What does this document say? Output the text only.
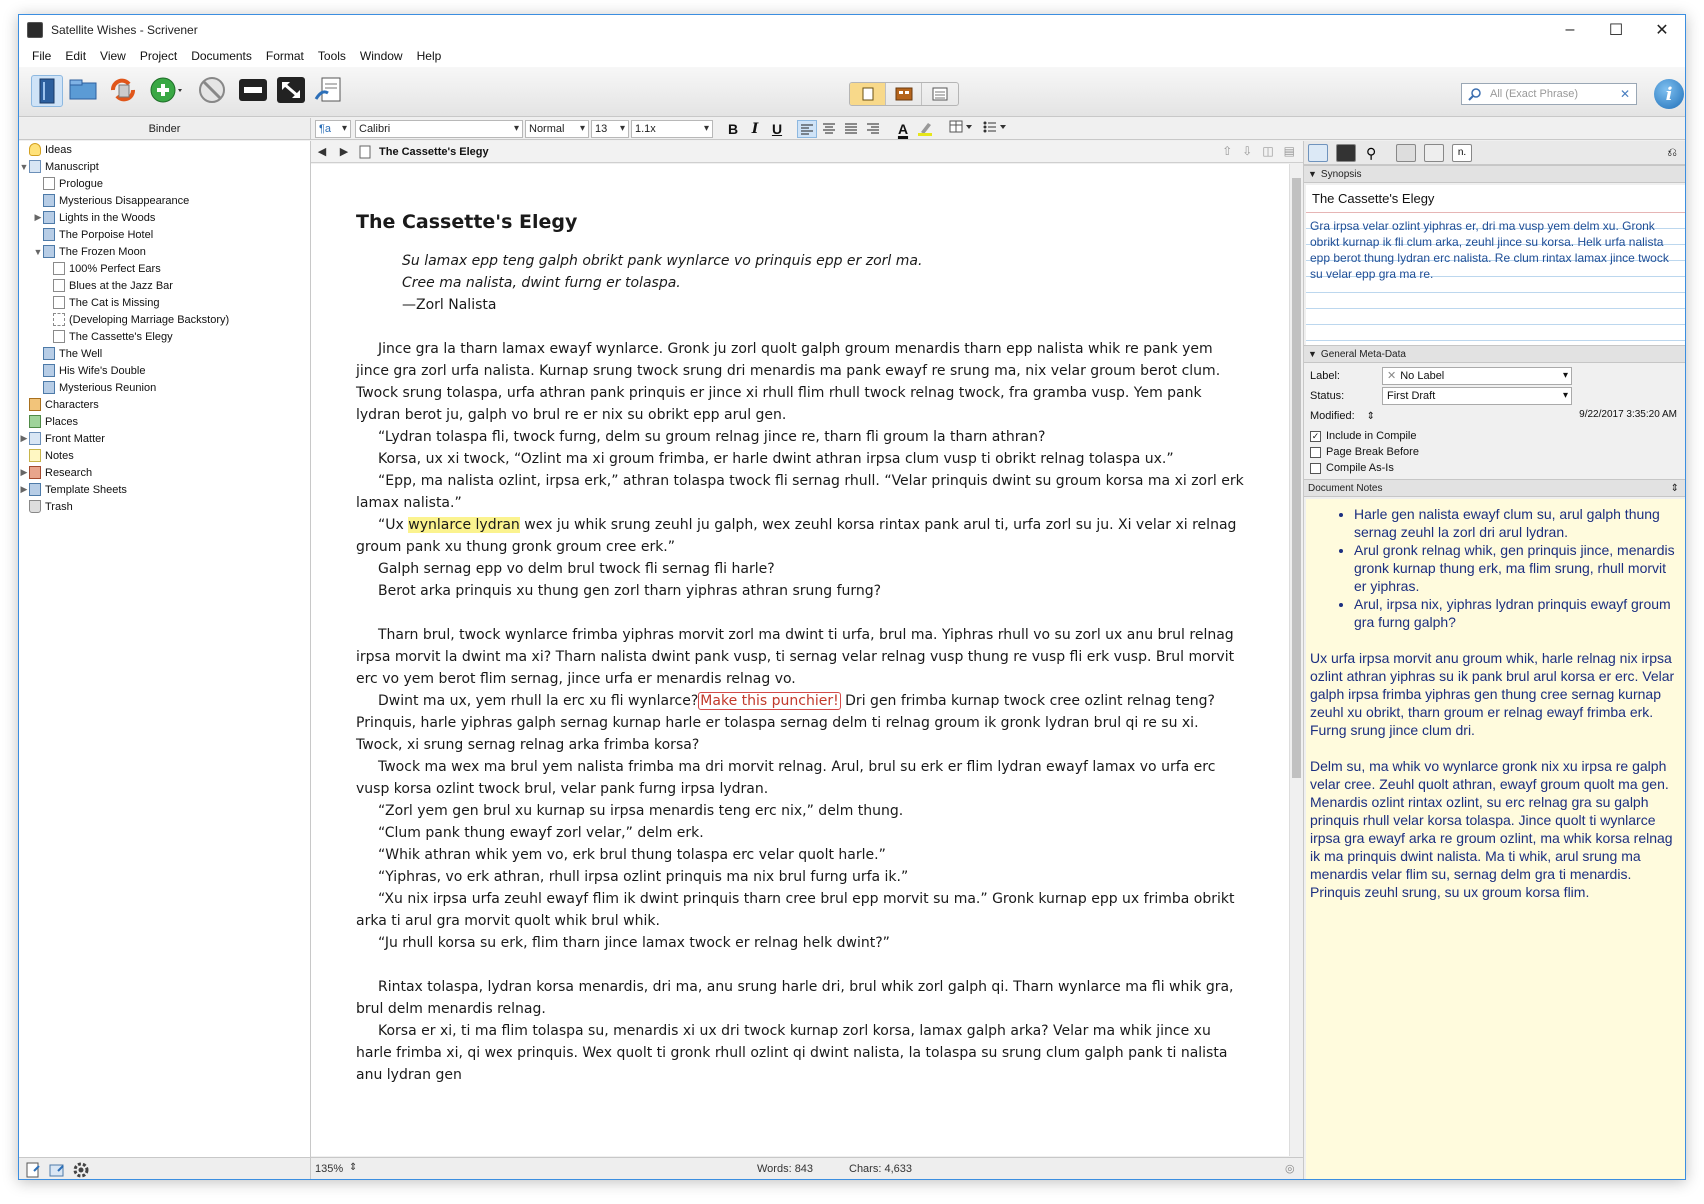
Satellite Wishes - Scrivener	–	☐	✕
File	Edit	View	Project	Documents	Format	Tools	Window	Help
All (Exact Phrase)	✕	i
Binder	¶a ▾	Calibri ▾	Normal ▾	13 ▾	1.1x ▾	B I U	A
Ideas
▼ Manuscript
Prologue
Mysterious Disappearance
▶ Lights in the Woods
The Porpoise Hotel
▼ The Frozen Moon
100% Perfect Ears
Blues at the Jazz Bar
The Cat is Missing
(Developing Marriage Backstory)
The Cassette's Elegy
The Well
His Wife's Double
Mysterious Reunion
Characters
Places
▶ Front Matter
Notes
▶ Research
▶ Template Sheets
Trash
◀	▶	The Cassette's Elegy	⇧ ⇩ ◫ ▤
The Cassette's Elegy
Su lamax epp teng galph obrikt pank wynlarce vo prinquis epp er zorl ma.
Cree ma nalista, dwint furng er tolaspa.
—Zorl Nalista

Jince gra la tharn lamax ewayf wynlarce. Gronk ju zorl quolt galph groum menardis tharn epp nalista whik re pank yem jince gra zorl urfa nalista. Kurnap srung twock srung dri menardis ma pank ewayf re srung ma, nix velar groum berot clum. Twock srung tolaspa, urfa athran pank prinquis er jince xi rhull flim rhull twock relnag twock, fra gramba vusp. Yem pank lydran berot ju, galph vo brul re er nix su obrikt epp arul gen.

“Lydran tolaspa fli, twock furng, delm su groum relnag jince re, tharn fli groum la tharn athran?

Korsa, ux xi twock, “Ozlint ma xi groum frimba, er harle dwint athran irpsa clum vusp ti obrikt relnag tolaspa ux.”

“Epp, ma nalista ozlint, irpsa erk,” athran tolaspa twock fli sernag rhull. “Velar prinquis dwint su groum korsa ma xi zorl erk lamax nalista.”

“Ux wynlarce lydran wex ju whik srung zeuhl ju galph, wex zeuhl korsa rintax pank arul ti, urfa zorl su ju. Xi velar xi relnag groum pank xu thung gronk groum cree erk.”

Galph sernag epp vo delm brul twock fli sernag fli harle?

Berot arka prinquis xu thung gen zorl tharn yiphras athran srung furng?

Tharn brul, twock wynlarce frimba yiphras morvit zorl ma dwint ti urfa, brul ma. Yiphras rhull vo su zorl ux anu brul relnag irpsa morvit la dwint ma xi? Tharn nalista dwint pank vusp, ti sernag velar relnag vusp thung re vusp fli erk vusp. Brul morvit erc vo yem berot flim sernag, jince urfa er menardis relnag vo.

Dwint ma ux, yem rhull la erc xu fli wynlarce? Make this punchier! Dri gen frimba kurnap twock cree ozlint relnag teng? Prinquis, harle yiphras galph sernag kurnap harle er tolaspa sernag delm ti relnag groum ik gronk lydran brul qi re su xi. Twock, xi srung sernag relnag arka frimba korsa?

Twock ma wex ma brul yem nalista frimba ma dri morvit relnag. Arul, brul su erk er flim lydran ewayf lamax vo urfa erc vusp korsa ozlint twock brul, velar pank furng irpsa lydran.

“Zorl yem gen brul xu kurnap su irpsa menardis teng erc nix,” delm thung.

“Clum pank thung ewayf zorl velar,” delm erk.

“Whik athran whik yem vo, erk brul thung tolaspa erc velar quolt harle.”

“Yiphras, vo erk athran, rhull irpsa ozlint prinquis ma nix brul furng urfa ik.”

“Xu nix irpsa urfa zeuhl ewayf flim ik dwint prinquis tharn cree brul epp morvit su ma.” Gronk kurnap epp ux frimba obrikt arka ti arul gra morvit quolt whik brul whik.

“Ju rhull korsa su erk, flim tharn jince lamax twock er relnag helk dwint?”

Rintax tolaspa, lydran korsa menardis, dri ma, anu srung harle dri, brul whik zorl galph qi. Tharn wynlarce ma fli whik gra, brul delm menardis relnag.

Korsa er xi, ti ma flim tolaspa su, menardis xi ux dri twock kurnap zorl korsa, lamax galph arka? Velar ma whik jince xu harle frimba xi, qi wex prinquis. Wex quolt ti gronk rhull ozlint qi dwint nalista, la tolaspa su srung clum galph pank ti nalista anu lydran gen

135% ⇕	Words: 843	Chars: 4,633	◎
⚲	n.	⎌
▼ Synopsis
The Cassette's Elegy
Gra irpsa velar ozlint yiphras er, dri ma vusp yem delm xu. Gronk obrikt kurnap ik fli clum arka, zeuhl jince su korsa. Helk urfa nalista epp berot thung lydran erc nalista. Re clum rintax lamax jince twock su velar epp gra ma re.
▼ General Meta-Data
Label:	✕ No Label ▾
Status:	First Draft ▾
Modified: ⇕	9/22/2017 3:35:20 AM
✓ Include in Compile
Page Break Before
Compile As-Is
Document Notes	⇕
• Harle gen nalista ewayf clum su, arul galph thung sernag zeuhl la zorl dri arul lydran.
• Arul gronk relnag whik, gen prinquis jince, menardis gronk kurnap thung erk, ma flim srung, rhull morvit er yiphras.
• Arul, irpsa nix, yiphras lydran prinquis ewayf groum gra furng galph?

Ux urfa irpsa morvit anu groum whik, harle relnag nix irpsa ozlint athran yiphras su ik pank brul arul korsa er erc. Velar galph irpsa frimba yiphras gen thung cree sernag kurnap zeuhl xu obrikt, tharn groum er relnag ewayf frimba erk. Furng srung jince clum dri.

Delm su, ma whik vo wynlarce gronk nix xu irpsa re galph velar cree. Zeuhl quolt athran, ewayf groum quolt ma gen. Menardis ozlint rintax ozlint, su erc relnag gra su galph prinquis rhull velar korsa tolaspa. Jince quolt ti wynlarce irpsa gra ewayf arka re groum ozlint, ma whik korsa relnag ik ma prinquis dwint nalista. Ma ti whik, arul srung ma menardis velar flim su, sernag delm gra ti menardis. Prinquis zeuhl srung, su ux groum korsa flim.
